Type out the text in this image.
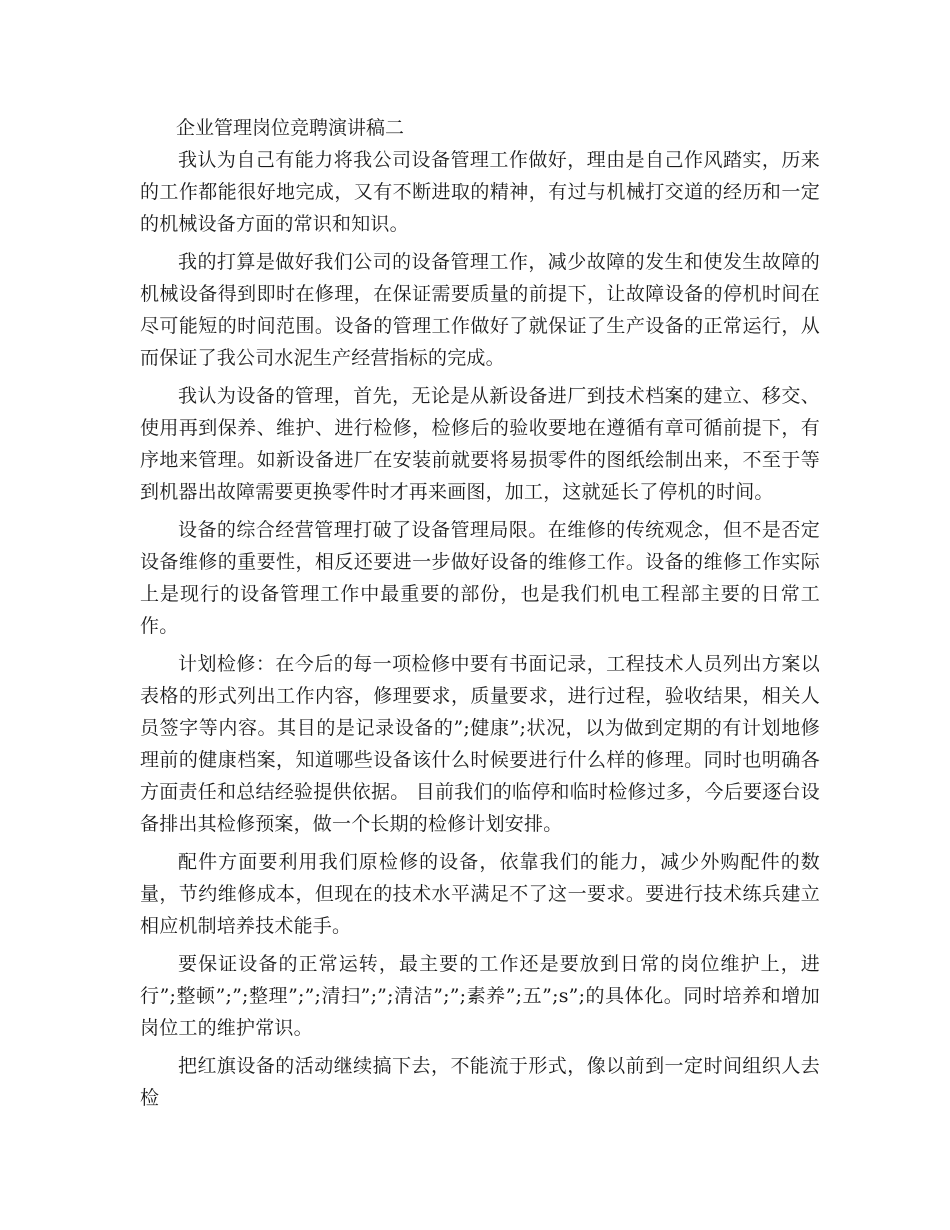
企业管理岗位竞聘演讲稿二

我认为自己有能力将我公司设备管理工作做好，理由是自己作风踏实，历来的工作都能很好地完成，又有不断进取的精神，有过与机械打交道的经历和一定的机械设备方面的常识和知识。

我的打算是做好我们公司的设备管理工作，减少故障的发生和使发生故障的机械设备得到即时在修理，在保证需要质量的前提下，让故障设备的停机时间在尽可能短的时间范围。设备的管理工作做好了就保证了生产设备的正常运行，从而保证了我公司水泥生产经营指标的完成。

我认为设备的管理，首先，无论是从新设备进厂到技术档案的建立、移交、使用再到保养、维护、进行检修，检修后的验收要地在遵循有章可循前提下，有序地来管理。如新设备进厂在安装前就要将易损零件的图纸绘制出来，不至于等到机器出故障需要更换零件时才再来画图，加工，这就延长了停机的时间。

设备的综合经营管理打破了设备管理局限。在维修的传统观念，但不是否定设备维修的重要性，相反还要进一步做好设备的维修工作。设备的维修工作实际上是现行的设备管理工作中最重要的部份，也是我们机电工程部主要的日常工作。

计划检修：在今后的每一项检修中要有书面记录，工程技术人员列出方案以表格的形式列出工作内容，修理要求，质量要求，进行过程，验收结果，相关人员签字等内容。其目的是记录设备的”;健康”;状况，以为做到定期的有计划地修理前的健康档案，知道哪些设备该什么时候要进行什么样的修理。同时也明确各方面责任和总结经验提供依据。 目前我们的临停和临时检修过多，今后要逐台设备排出其检修预案，做一个长期的检修计划安排。

配件方面要利用我们原检修的设备，依靠我们的能力，减少外购配件的数量，节约维修成本，但现在的技术水平满足不了这一要求。要进行技术练兵建立相应机制培养技术能手。

要保证设备的正常运转，最主要的工作还是要放到日常的岗位维护上，进行”;整顿”;”;整理”;”;清扫”;”;清洁”;”;素养”;五”;s”;的具体化。同时培养和增加岗位工的维护常识。

把红旗设备的活动继续搞下去，不能流于形式，像以前到一定时间组织人去检
